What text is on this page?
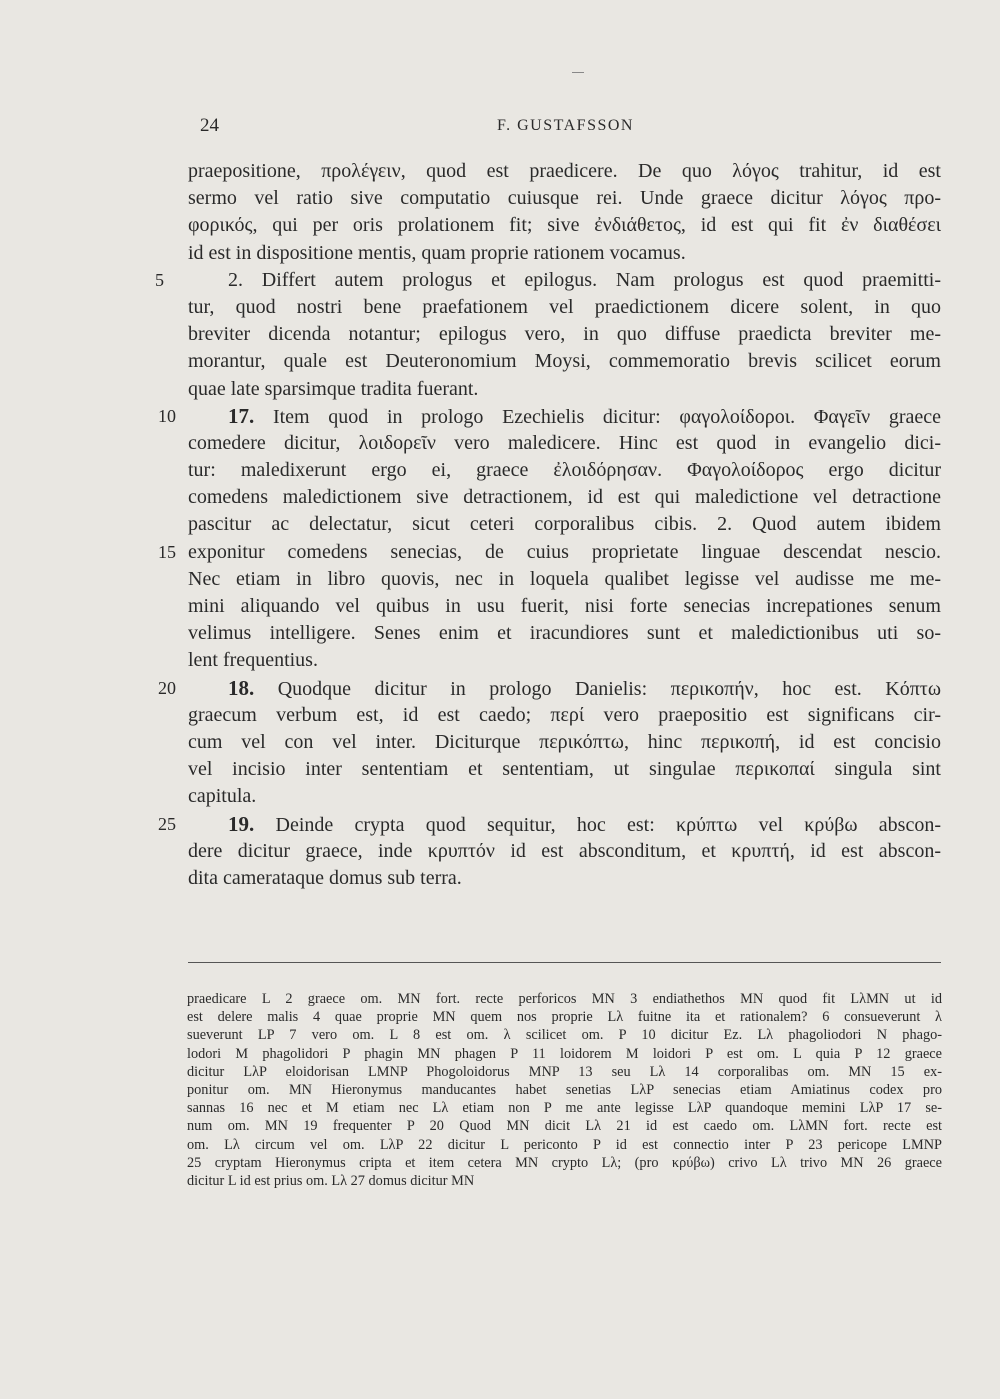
24	F. GUSTAFSSON
praepositione, προλέγειν, quod est praedicere. De quo λόγος trahitur, id est
sermo vel ratio sive computatio cuiusque rei. Unde graece dicitur λόγος προ-
φορικός, qui per oris prolationem fit; sive ἐνδιάθετος, id est qui fit ἐν διαθέσει
id est in dispositione mentis, quam proprie rationem vocamus.
5	2. Differt autem prologus et epilogus. Nam prologus est quod praemitti-
tur, quod nostri bene praefationem vel praedictionem dicere solent, in quo
breviter dicenda notantur; epilogus vero, in quo diffuse praedicta breviter me-
morantur, quale est Deuteronomium Moysi, commemoratio brevis scilicet eorum
quae late sparsimque tradita fuerant.
10 17. Item quod in prologo Ezechielis dicitur: φαγολοίδοροι. Φαγεῖν graece
comedere dicitur, λοιδορεῖν vero maledicere. Hinc est quod in evangelio dici-
tur: maledixerunt ergo ei, graece ἐλοιδόρησαν. Φαγολοίδορος ergo dicitur
comedens maledictionem sive detractionem, id est qui maledictione vel detractione
pascitur ac delectatur, sicut ceteri corporalibus cibis. 2. Quod autem ibidem
15 exponitur comedens senecias, de cuius proprietate linguae descendat nescio.
Nec etiam in libro quovis, nec in loquela qualibet legisse vel audisse me me-
mini aliquando vel quibus in usu fuerit, nisi forte senecias increpationes senum
velimus intelligere. Senes enim et iracundiores sunt et maledictionibus uti so-
lent frequentius.
20 18. Quodque dicitur in prologo Danielis: περικοπήν, hoc est. Κόπτω
graecum verbum est, id est caedo; περί vero praepositio est significans cir-
cum vel con vel inter. Diciturque περικόπτω, hinc περικοπή, id est concisio
vel incisio inter sententiam et sententiam, ut singulae περικοπαί singula sint
capitula.
25 19. Deinde crypta quod sequitur, hoc est: κρύπτω vel κρύβω abscon-
dere dicitur graece, inde κρυπτόν id est absconditum, et κρυπτή, id est abscon-
dita camerataque domus sub terra.
praedicare L 2 graece om. MN fort. recte perforicos MN 3 endiathethos MN quod fit LλMN ut id
est delere malis 4 quae proprie MN quem nos proprie Lλ fuitne ita et rationalem? 6 consueverunt λ
sueverunt LP 7 vero om. L 8 est om. λ scilicet om. P 10 dicitur Ez. Lλ phagoliodori N phago-
lodori M phagolidori P phagin MN phagen P 11 loidorem M loidori P est om. L quia P 12 graece
dicitur LλP eloidorisan LMNP Phogoloidorus MNP 13 seu Lλ 14 corporalibas om. MN 15 ex-
ponitur om. MN Hieronymus manducantes habet senetias LλP senecias etiam Amiatinus codex pro
sannas 16 nec et M etiam nec Lλ etiam non P me ante legisse LλP quandoque memini LλP 17 se-
num om. MN 19 frequenter P 20 Quod MN dicit Lλ 21 id est caedo om. LλMN fort. recte est
om. Lλ circum vel om. LλP 22 dicitur L periconto P id est connectio inter P 23 pericope LMNP
25 cryptam Hieronymus cripta et item cetera MN crypto Lλ; (pro κρύβω) crivo Lλ trivo MN 26 graece
dicitur L id est prius om. Lλ 27 domus dicitur MN
